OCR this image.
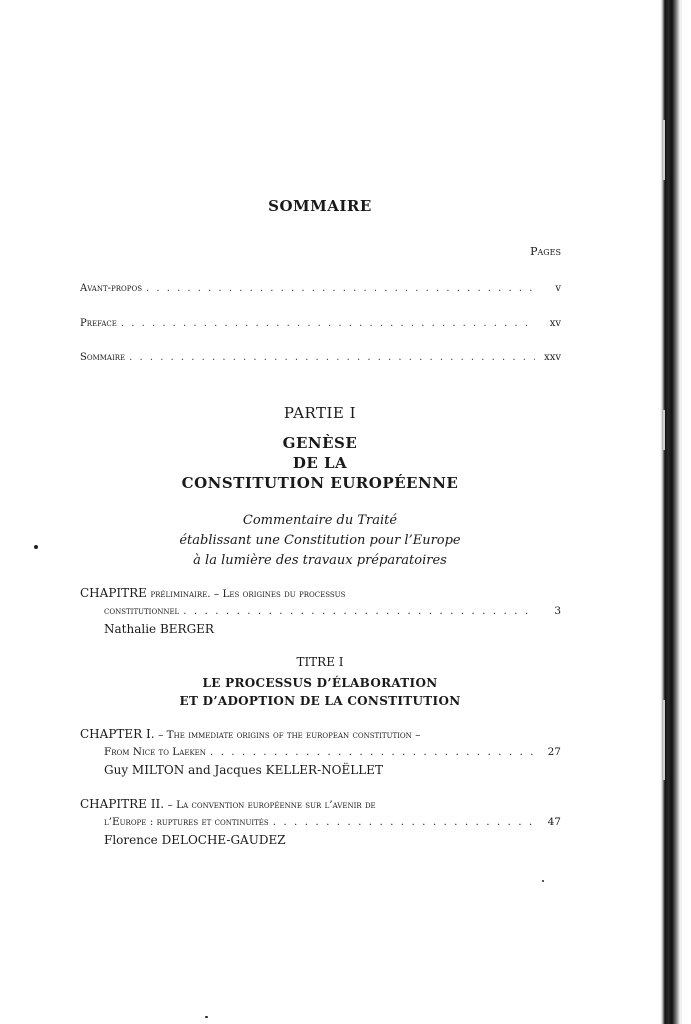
SOMMAIRE
Pages
Avant-propos . . .	v
Preface . . .	xv
Sommaire . . .	xxv
PARTIE I
GENÈSE
DE LA
CONSTITUTION EUROPÉENNE
Commentaire du Traité
établissant une Constitution pour l’Europe
à la lumière des travaux préparatoires
CHAPITRE préliminaire. – Les origines du processus
constitutionnel . . .	3
Nathalie BERGER
TITRE I
LE PROCESSUS D’ÉLABORATION
ET D’ADOPTION DE LA CONSTITUTION
CHAPTER I. – The immediate origins of the european constitution –
From Nice to Laeken . . .	27
Guy MILTON and Jacques KELLER-NOËLLET
CHAPITRE II. – La convention européenne sur l’avenir de
l’Europe : ruptures et continuités . . .	47
Florence DELOCHE-GAUDEZ
